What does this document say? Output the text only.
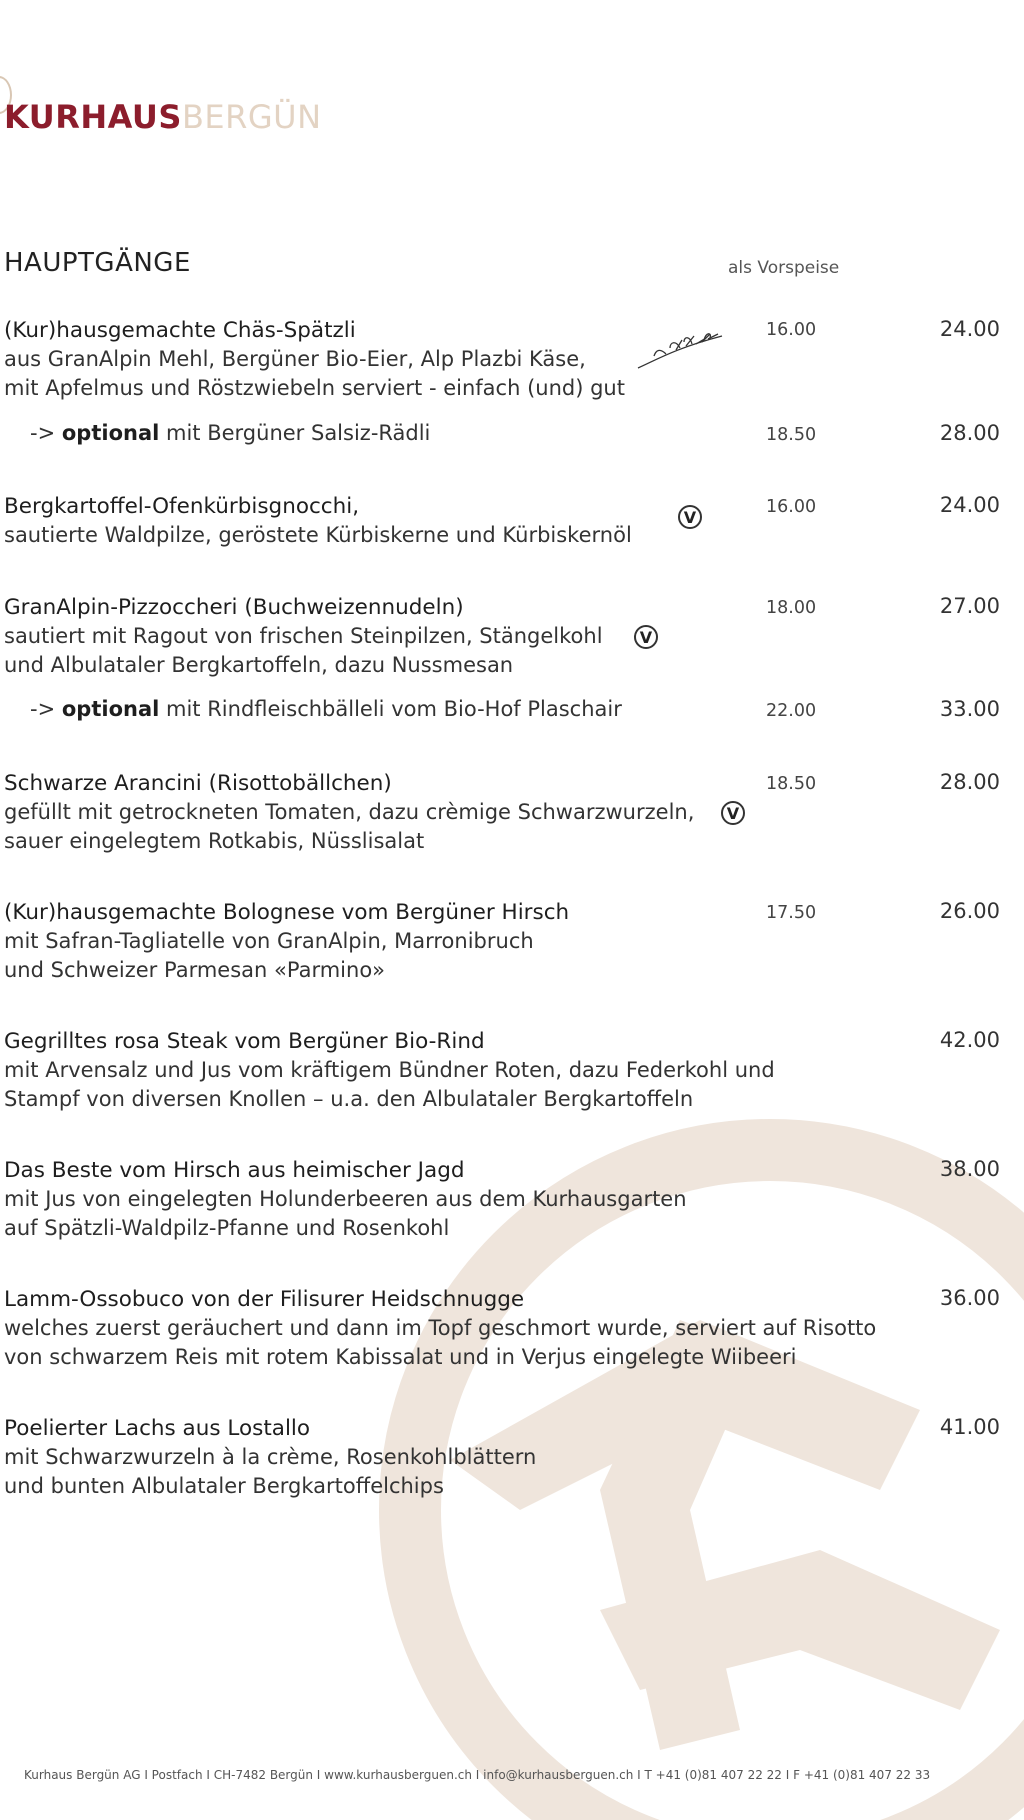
KURHAUSBERGÜN
HAUPTGÄNGE	als Vorspeise
(Kur)hausgemachte Chäs-Spätzli
aus GranAlpin Mehl, Bergüner Bio-Eier, Alp Plazbi Käse,
mit Apfelmus und Röstzwiebeln serviert - einfach (und) gut
16.00	24.00
-> optional mit Bergüner Salsiz-Rädli	18.50	28.00
Bergkartoffel-Ofenkürbisgnocchi,
sautierte Waldpilze, geröstete Kürbiskerne und Kürbiskernöl
V	16.00	24.00
GranAlpin-Pizzoccheri (Buchweizennudeln)
sautiert mit Ragout von frischen Steinpilzen, Stängelkohl
und Albulataler Bergkartoffeln, dazu Nussmesan
V
18.00	27.00
-> optional mit Rindfleischbälleli vom Bio-Hof Plaschair	22.00	33.00
Schwarze Arancini (Risottobällchen)
gefüllt mit getrockneten Tomaten, dazu crèmige Schwarzwurzeln,
sauer eingelegtem Rotkabis, Nüsslisalat
V
18.50	28.00
(Kur)hausgemachte Bolognese vom Bergüner Hirsch
mit Safran-Tagliatelle von GranAlpin, Marronibruch
und Schweizer Parmesan «Parmino»
17.50	26.00
Gegrilltes rosa Steak vom Bergüner Bio-Rind
mit Arvensalz und Jus vom kräftigem Bündner Roten, dazu Federkohl und
Stampf von diversen Knollen – u.a. den Albulataler Bergkartoffeln
42.00
Das Beste vom Hirsch aus heimischer Jagd
mit Jus von eingelegten Holunderbeeren aus dem Kurhausgarten
auf Spätzli-Waldpilz-Pfanne und Rosenkohl
38.00
Lamm-Ossobuco von der Filisurer Heidschnugge
welches zuerst geräuchert und dann im Topf geschmort wurde, serviert auf Risotto
von schwarzem Reis mit rotem Kabissalat und in Verjus eingelegte Wiibeeri
36.00
Poelierter Lachs aus Lostallo
mit Schwarzwurzeln à la crème, Rosenkohlblättern
und bunten Albulataler Bergkartoffelchips
41.00
Kurhaus Bergün AG I Postfach I CH-7482 Bergün I www.kurhausberguen.ch I info@kurhausberguen.ch I T +41 (0)81 407 22 22 I F +41 (0)81 407 22 33
